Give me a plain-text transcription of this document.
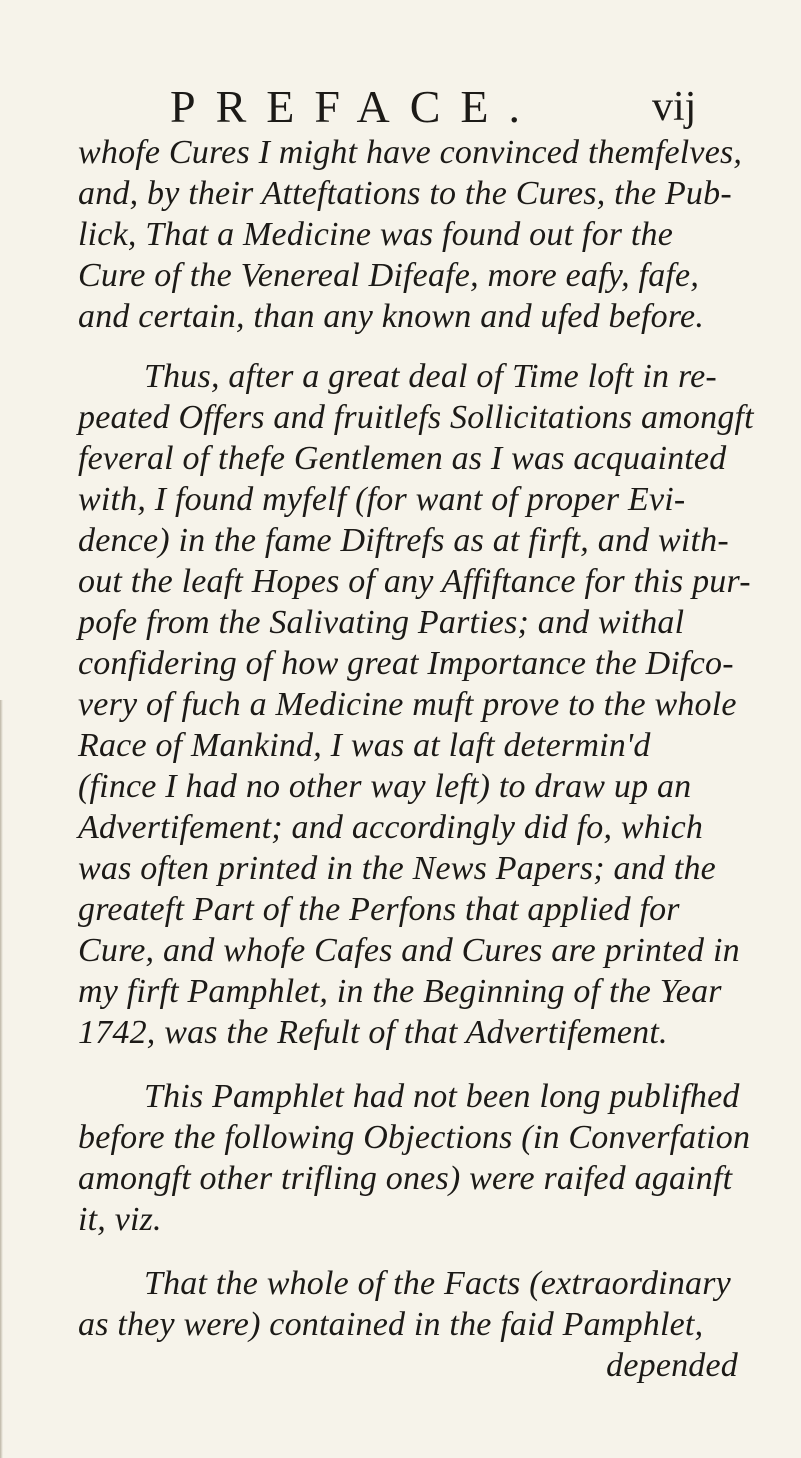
PREFACE.	vij
whofe Cures I might have convinced themfelves,
and, by their Atteftations to the Cures, the Pub-
lick, That a Medicine was found out for the
Cure of the Venereal Difeafe, more eafy, fafe,
and certain, than any known and ufed before.
Thus, after a great deal of Time loft in re-
peated Offers and fruitlefs Sollicitations amongft
feveral of thefe Gentlemen as I was acquainted
with, I found myfelf (for want of proper Evi-
dence) in the fame Diftrefs as at firft, and with-
out the leaft Hopes of any Affiftance for this pur-
pofe from the Salivating Parties; and withal
confidering of how great Importance the Difco-
very of fuch a Medicine muft prove to the whole
Race of Mankind, I was at laft determin'd
(fince I had no other way left) to draw up an
Advertifement; and accordingly did fo, which
was often printed in the News Papers; and the
greateft Part of the Perfons that applied for
Cure, and whofe Cafes and Cures are printed in
my firft Pamphlet, in the Beginning of the Year
1742, was the Refult of that Advertifement.
This Pamphlet had not been long publifhed
before the following Objections (in Converfation
amongft other trifling ones) were raifed againft
it, viz.
That the whole of the Facts (extraordinary
as they were) contained in the faid Pamphlet,
depended
